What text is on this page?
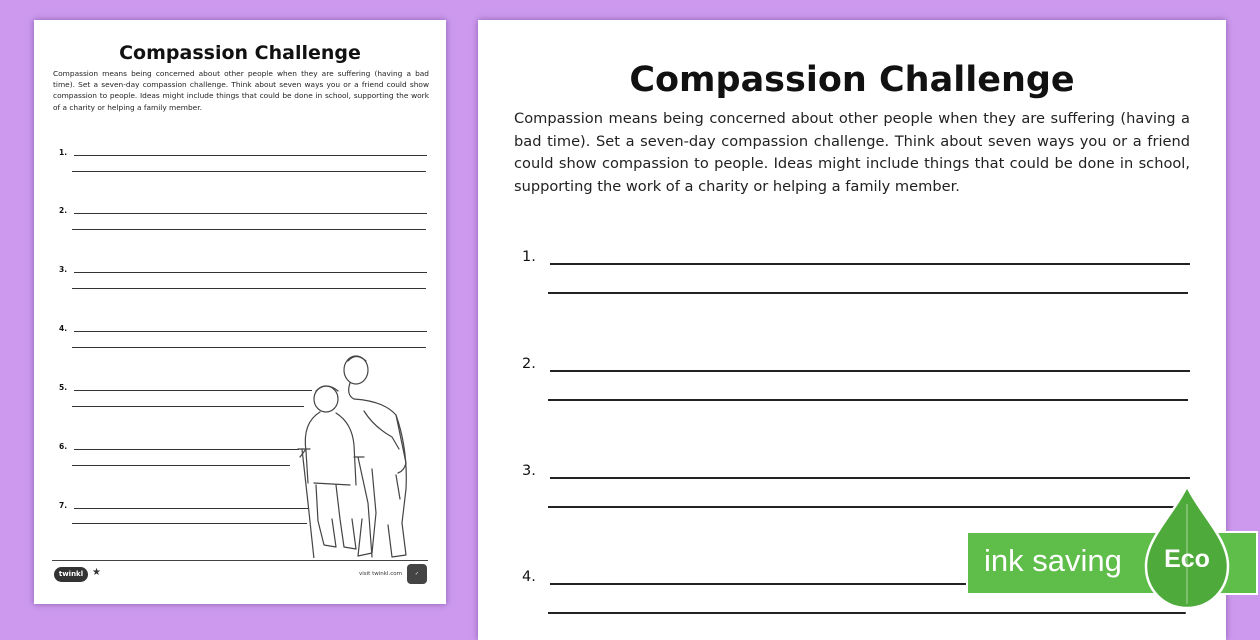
Compassion Challenge
Compassion means being concerned about other people when they are suffering (having a bad time). Set a seven-day compassion challenge. Think about seven ways you or a friend could show compassion to people. Ideas might include things that could be done in school, supporting the work of a charity or helping a family member.
1.
2.
3.
4.
5.
6.
7.
twinkl ★	visit twinkl.com	✓
Compassion Challenge
Compassion means being concerned about other people when they are suffering (having a bad time). Set a seven-day compassion challenge. Think about seven ways you or a friend could show compassion to people. Ideas might include things that could be done in school, supporting the work of a charity or helping a family member.
1.
2.
3.
4.	ink saving	Eco
